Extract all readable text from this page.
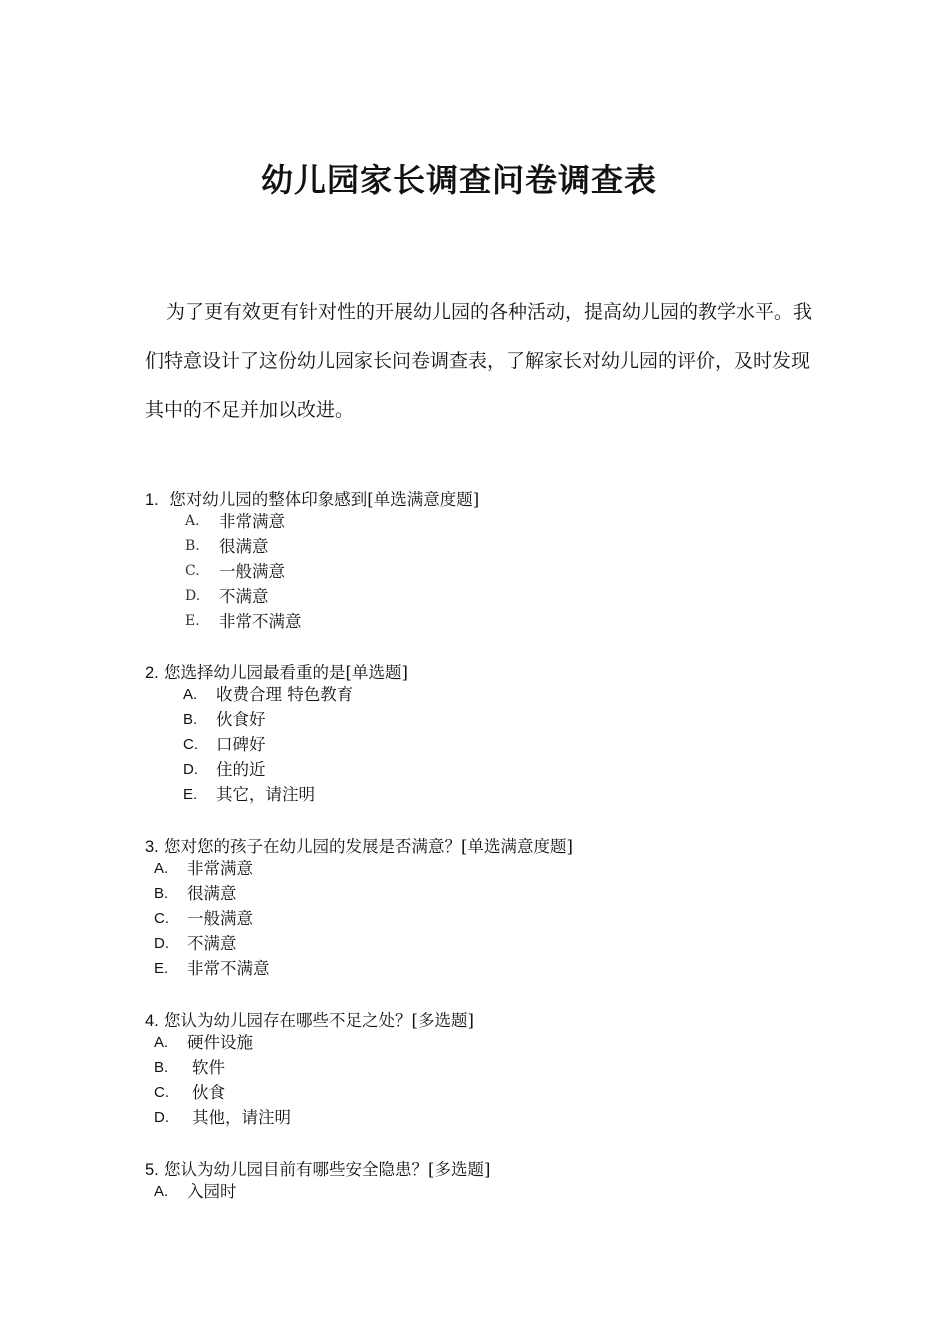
幼儿园家长调查问卷调查表

为了更有效更有针对性的开展幼儿园的各种活动，提高幼儿园的教学水平。我们特意设计了这份幼儿园家长问卷调查表，了解家长对幼儿园的评价，及时发现其中的不足并加以改进。

1. 您对幼儿园的整体印象感到[单选满意度题]
A. 非常满意
B. 很满意
C. 一般满意
D. 不满意
E. 非常不满意
2. 您选择幼儿园最看重的是[单选题]
A. 收费合理 特色教育
B. 伙食好
C. 口碑好
D. 住的近
E. 其它，请注明
3. 您对您的孩子在幼儿园的发展是否满意？[单选满意度题]
A. 非常满意
B. 很满意
C. 一般满意
D. 不满意
E. 非常不满意
4. 您认为幼儿园存在哪些不足之处？[多选题]
A. 硬件设施
B. 软件
C. 伙食
D. 其他，请注明
5. 您认为幼儿园目前有哪些安全隐患？[多选题]
A. 入园时
